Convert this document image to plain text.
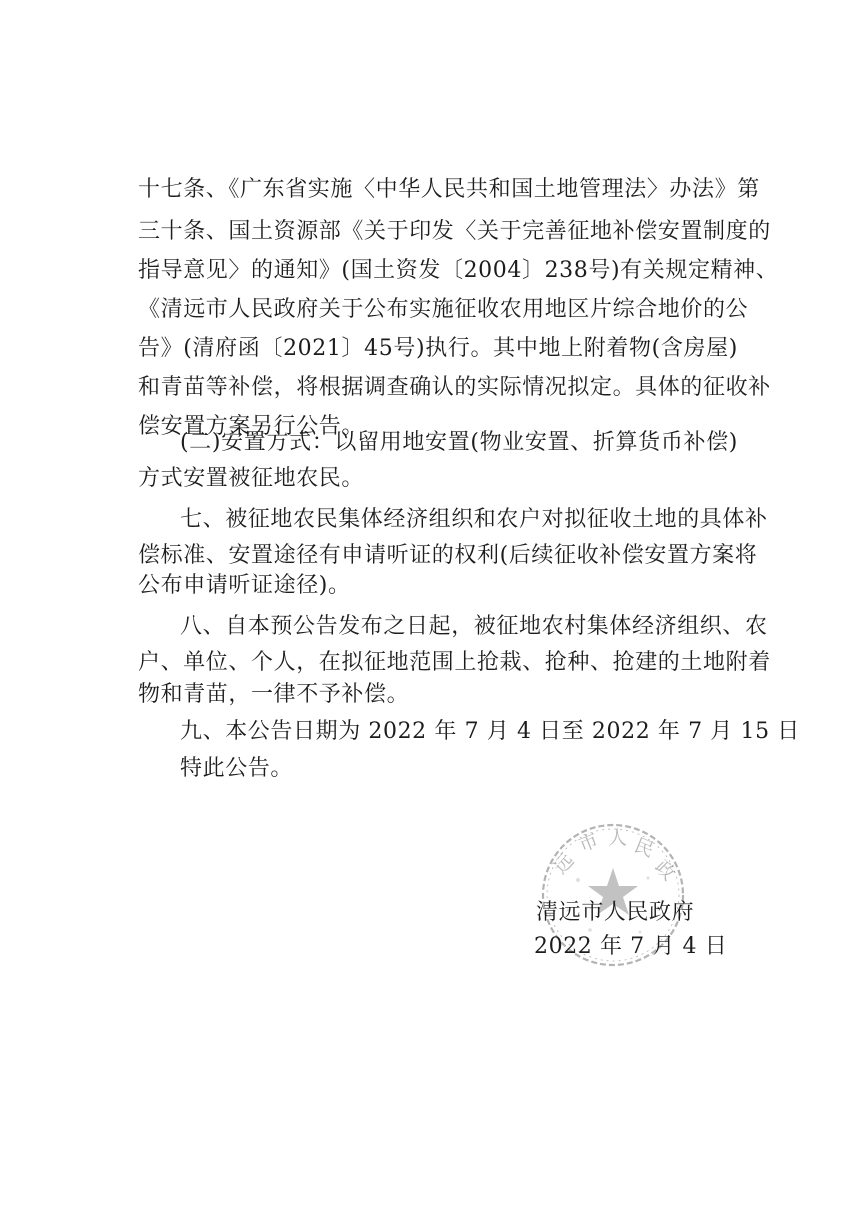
十七条、《广东省实施〈中华人民共和国土地管理法〉办法》第
三十条、国土资源部《关于印发〈关于完善征地补偿安置制度的
指导意见〉的通知》(国土资发〔2004〕238号)有关规定精神、
《清远市人民政府关于公布实施征收农用地区片综合地价的公
告》(清府函〔2021〕45号)执行。其中地上附着物(含房屋)
和青苗等补偿，将根据调查确认的实际情况拟定。具体的征收补
偿安置方案另行公告。
(二)安置方式：以留用地安置(物业安置、折算货币补偿)
方式安置被征地农民。
七、被征地农民集体经济组织和农户对拟征收土地的具体补
偿标准、安置途径有申请听证的权利(后续征收补偿安置方案将
公布申请听证途径)。
八、自本预公告发布之日起，被征地农村集体经济组织、农
户、单位、个人，在拟征地范围上抢栽、抢种、抢建的土地附着
物和青苗，一律不予补偿。
九、本公告日期为 2022 年 7 月 4 日至 2022 年 7 月 15 日
特此公告。
远
市 人 民
政
清远市人民政府
2022 年 7 月 4 日
